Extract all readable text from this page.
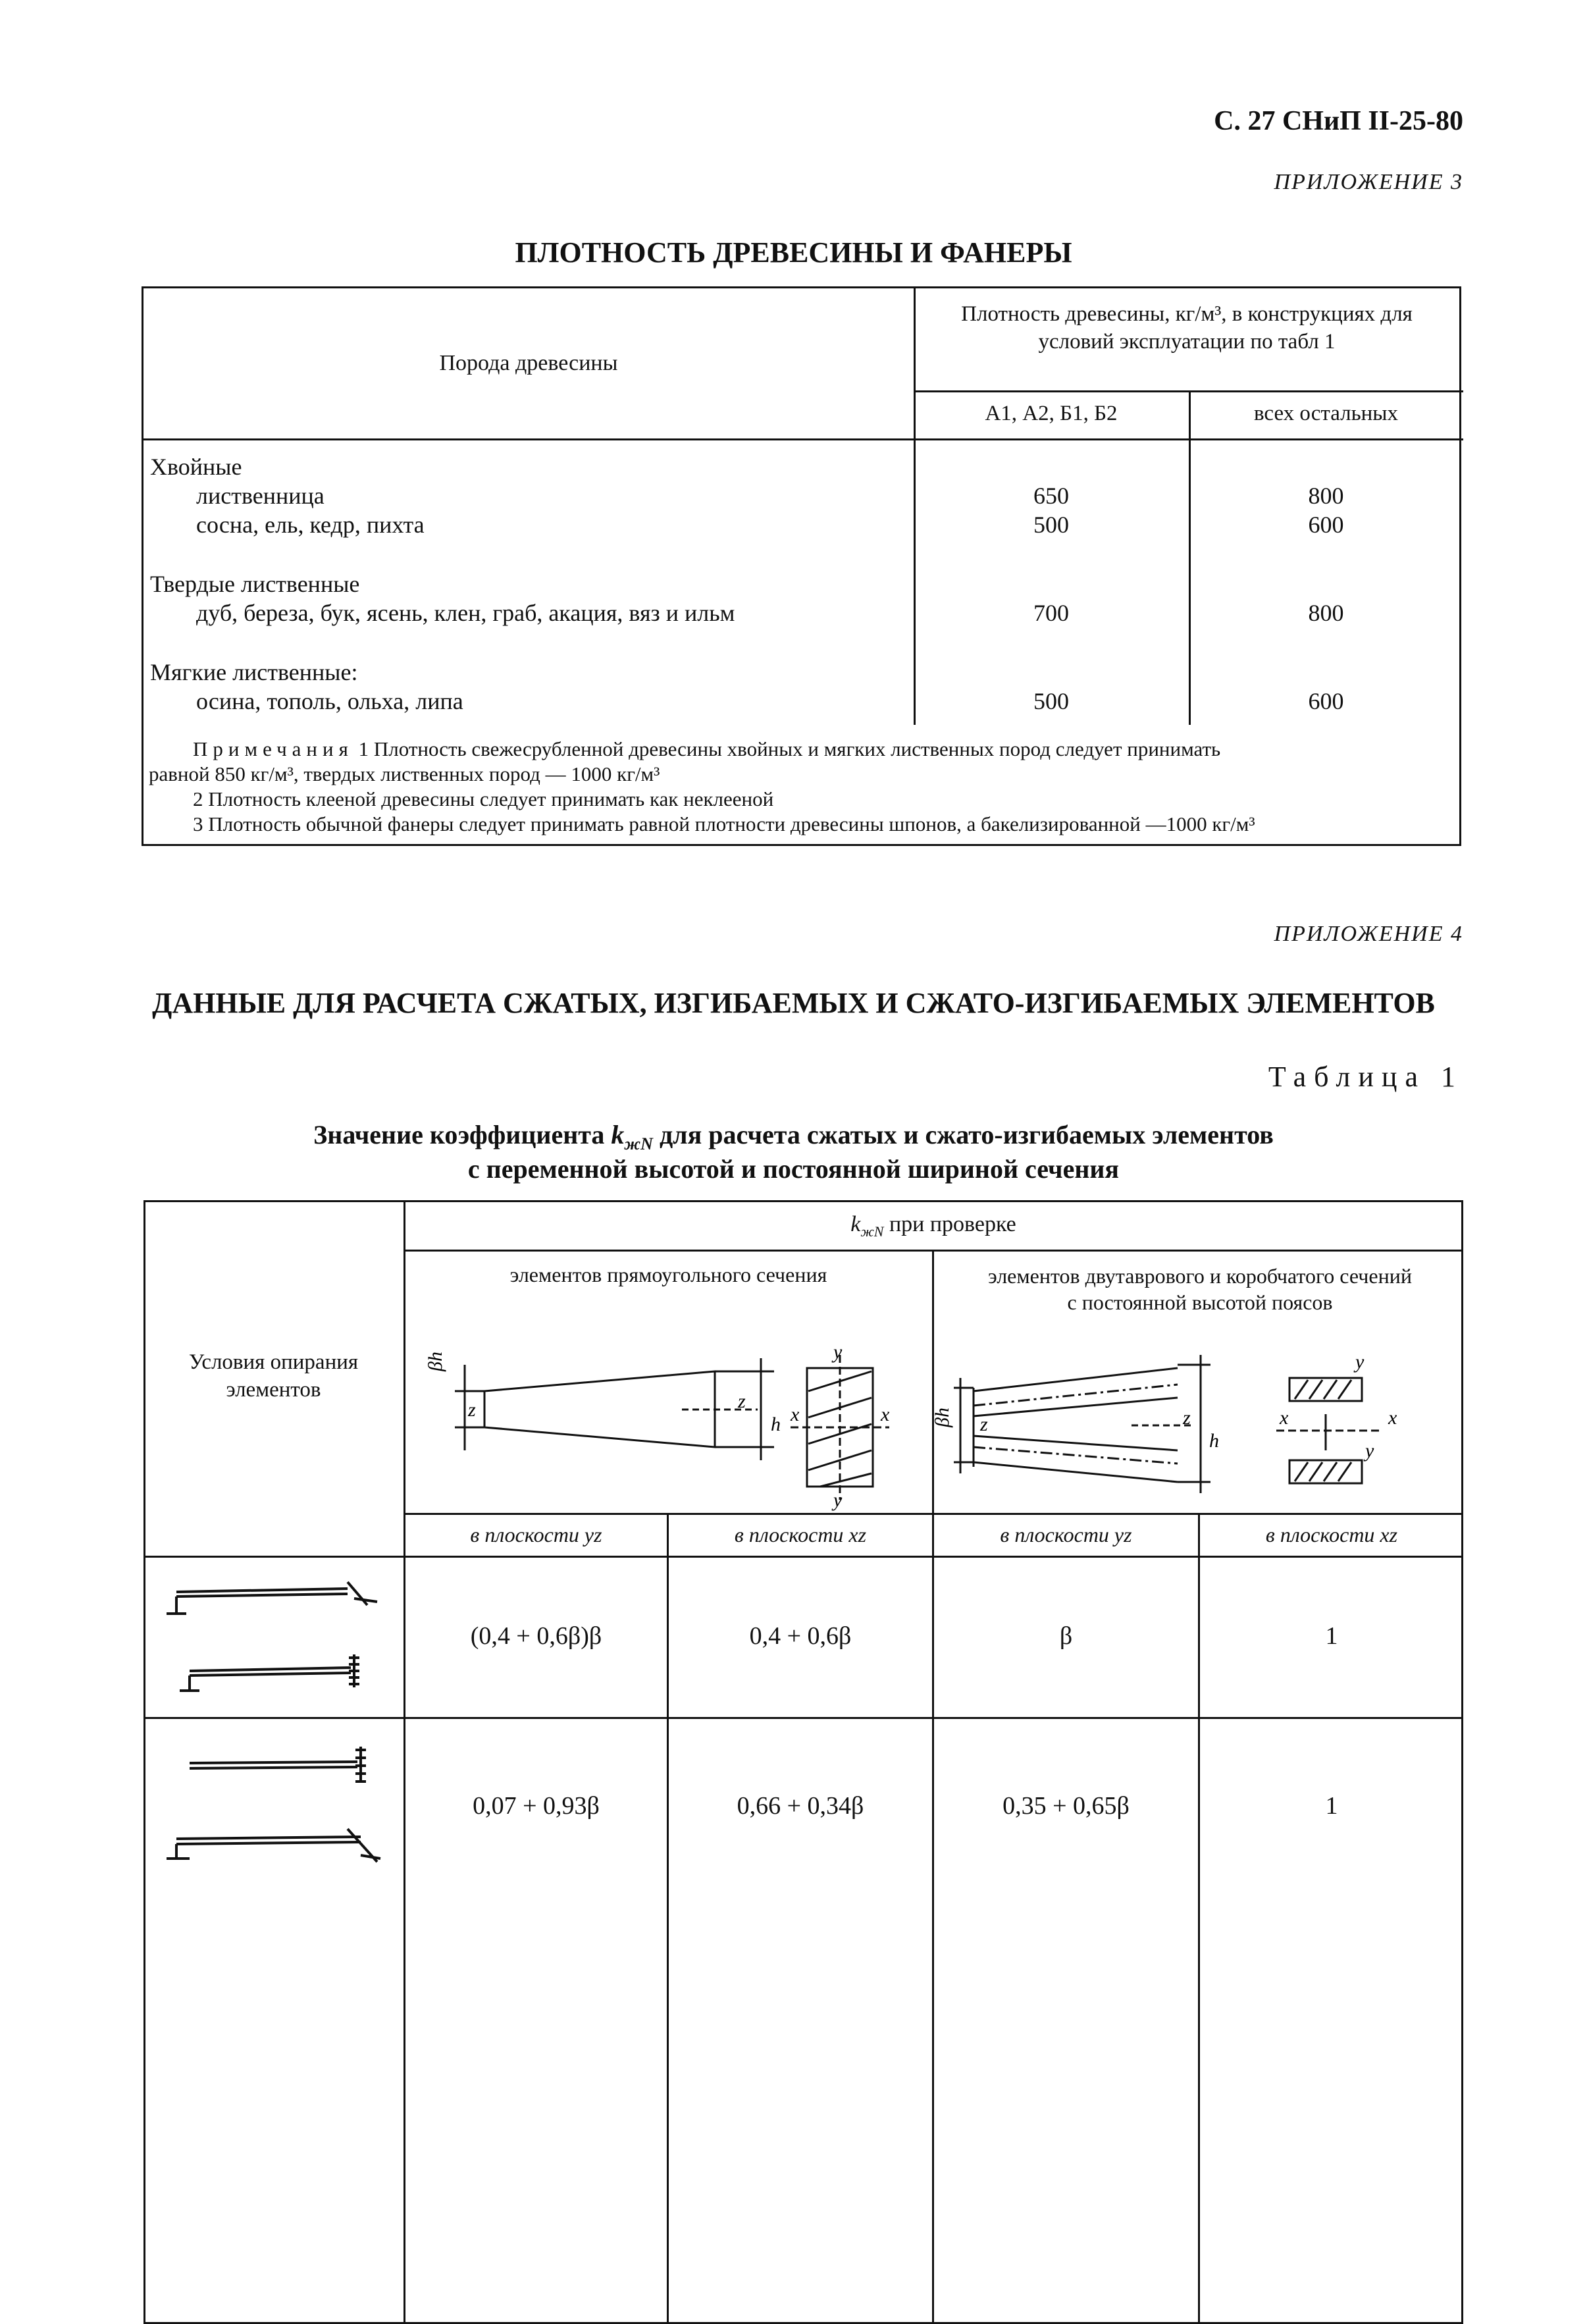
С. 27 СНиП II-25-80
ПРИЛОЖЕНИЕ 3
ПЛОТНОСТЬ ДРЕВЕСИНЫ И ФАНЕРЫ
Порода древесины
Плотность древесины, кг/м³, в конструкциях для условий эксплуатации по табл 1
А1, А2, Б1, Б2	всех остальных
Хвойные
лиственница	650	800
сосна, ель, кедр, пихта	500	600
Твердые лиственные
дуб, береза, бук, ясень, клен, граб, акация, вяз и ильм	700	800
Мягкие лиственные:
осина, тополь, ольха, липа	500	600
Примечания 1 Плотность свежесрубленной древесины хвойных и мягких лиственных пород следует принимать
равной 850 кг/м³, твердых лиственных пород — 1000 кг/м³
2 Плотность клееной древесины следует принимать как неклееной
3 Плотность обычной фанеры следует принимать равной плотности древесины шпонов, а бакелизированной —1000 кг/м³
ПРИЛОЖЕНИЕ 4
ДАННЫЕ ДЛЯ РАСЧЕТА СЖАТЫХ, ИЗГИБАЕМЫХ И СЖАТО-ИЗГИБАЕМЫХ ЭЛЕМЕНТОВ
Таблица 1
Значение коэффициента $k_{жN}$ для расчета сжатых и сжато-изгибаемых элементов
с переменной высотой и постоянной шириной сечения
Условия опирания элементов
$k_{жN}$ при проверке
элементов прямоугольного сечения	элементов двутаврового и коробчатого сечений с постоянной высотой поясов
в плоскости yz	в плоскости xz	в плоскости yz	в плоскости xz
βh
z	z
h
y
y
x	x βh z	z
h
y
y
x	x
(0,4 + 0,6β)β	0,4 + 0,6β	β	1
0,07 + 0,93β	0,66 + 0,34β	0,35 + 0,65β	1
